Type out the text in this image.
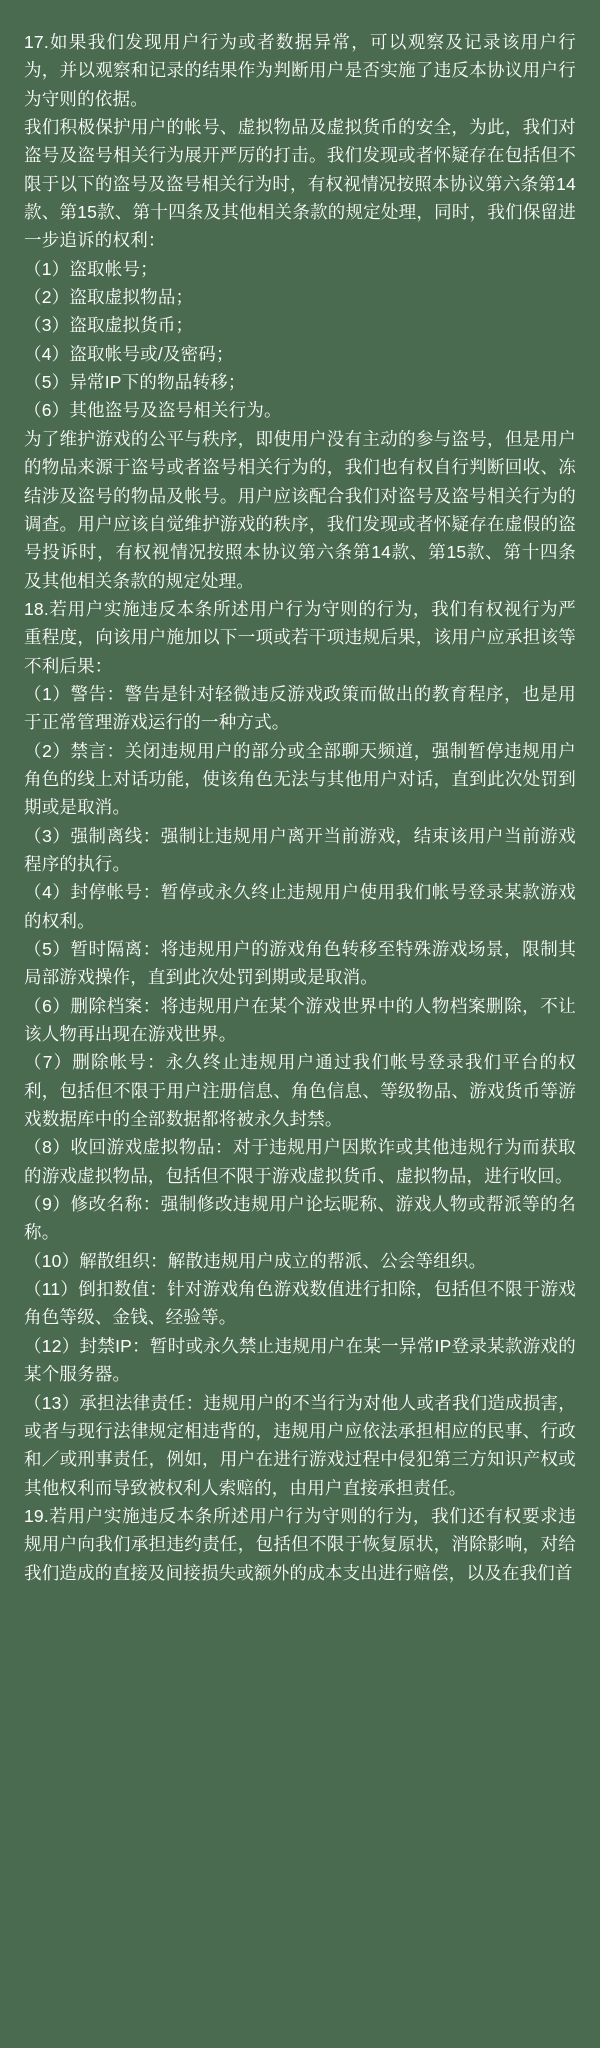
17.如果我们发现用户行为或者数据异常，可以观察及记录该用户行为，并以观察和记录的结果作为判断用户是否实施了违反本协议用户行为守则的依据。

我们积极保护用户的帐号、虚拟物品及虚拟货币的安全，为此，我们对盗号及盗号相关行为展开严厉的打击。我们发现或者怀疑存在包括但不限于以下的盗号及盗号相关行为时，有权视情况按照本协议第六条第14款、第15款、第十四条及其他相关条款的规定处理，同时，我们保留进一步追诉的权利：

（1）盗取帐号；

（2）盗取虚拟物品；

（3）盗取虚拟货币；

（4）盗取帐号或/及密码；

（5）异常IP下的物品转移；

（6）其他盗号及盗号相关行为。

为了维护游戏的公平与秩序，即使用户没有主动的参与盗号，但是用户的物品来源于盗号或者盗号相关行为的，我们也有权自行判断回收、冻结涉及盗号的物品及帐号。用户应该配合我们对盗号及盗号相关行为的调查。用户应该自觉维护游戏的秩序，我们发现或者怀疑存在虚假的盗号投诉时，有权视情况按照本协议第六条第14款、第15款、第十四条及其他相关条款的规定处理。

18.若用户实施违反本条所述用户行为守则的行为，我们有权视行为严重程度，向该用户施加以下一项或若干项违规后果，该用户应承担该等不利后果：

（1）警告：警告是针对轻微违反游戏政策而做出的教育程序，也是用于正常管理游戏运行的一种方式。

（2）禁言：关闭违规用户的部分或全部聊天频道，强制暂停违规用户角色的线上对话功能，使该角色无法与其他用户对话，直到此次处罚到期或是取消。

（3）强制离线：强制让违规用户离开当前游戏，结束该用户当前游戏程序的执行。

（4）封停帐号：暂停或永久终止违规用户使用我们帐号登录某款游戏的权利。

（5）暂时隔离：将违规用户的游戏角色转移至特殊游戏场景，限制其局部游戏操作，直到此次处罚到期或是取消。

（6）删除档案：将违规用户在某个游戏世界中的人物档案删除，不让该人物再出现在游戏世界。

（7）删除帐号：永久终止违规用户通过我们帐号登录我们平台的权利，包括但不限于用户注册信息、角色信息、等级物品、游戏货币等游戏数据库中的全部数据都将被永久封禁。

（8）收回游戏虚拟物品：对于违规用户因欺诈或其他违规行为而获取的游戏虚拟物品，包括但不限于游戏虚拟货币、虚拟物品，进行收回。

（9）修改名称：强制修改违规用户论坛昵称、游戏人物或帮派等的名称。

（10）解散组织：解散违规用户成立的帮派、公会等组织。

（11）倒扣数值：针对游戏角色游戏数值进行扣除，包括但不限于游戏角色等级、金钱、经验等。

（12）封禁IP：暂时或永久禁止违规用户在某一异常IP登录某款游戏的某个服务器。

（13）承担法律责任：违规用户的不当行为对他人或者我们造成损害，或者与现行法律规定相违背的，违规用户应依法承担相应的民事、行政和／或刑事责任，例如，用户在进行游戏过程中侵犯第三方知识产权或其他权利而导致被权利人索赔的，由用户直接承担责任。

19.若用户实施违反本条所述用户行为守则的行为，我们还有权要求违规用户向我们承担违约责任，包括但不限于恢复原状，消除影响，对给我们造成的直接及间接损失或额外的成本支出进行赔偿，以及在我们首
